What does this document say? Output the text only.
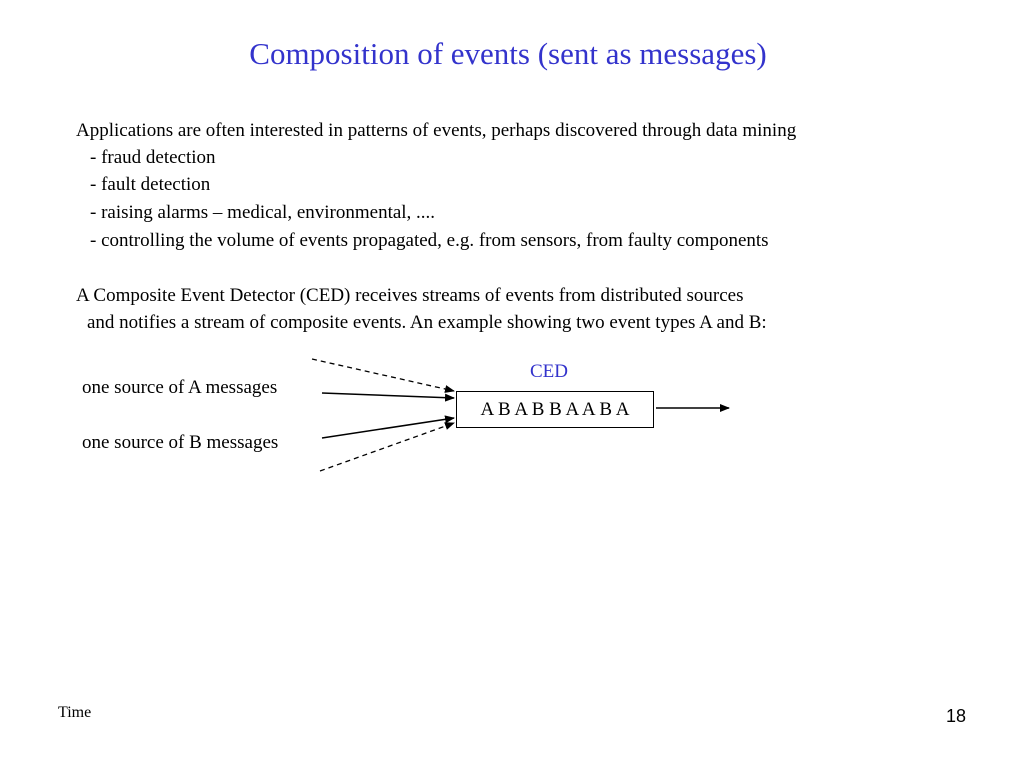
Composition of events (sent as messages)
Applications are often interested in patterns of events, perhaps discovered through data mining
- fraud detection
- fault detection
- raising alarms – medical, environmental, ....
- controlling the volume of events propagated, e.g. from sensors, from faulty components
A Composite Event Detector (CED) receives streams of events from distributed sources
and notifies a stream of composite events. An example showing two event types A and B:
one source of A messages
one source of B messages
CED
A B A B B A A B A
Time	18
